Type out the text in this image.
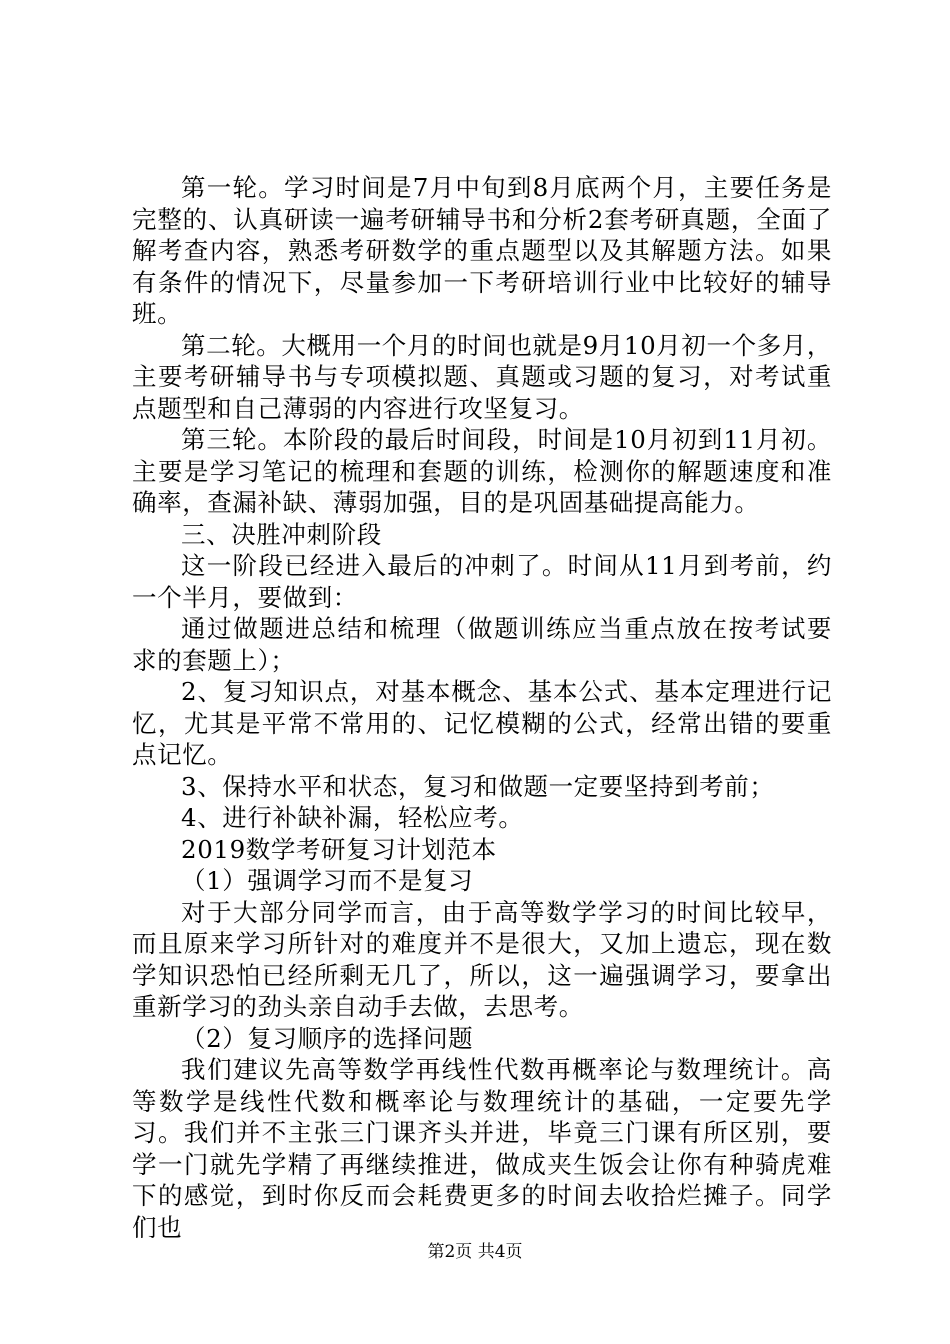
第一轮。学习时间是7月中旬到8月底两个月，主要任务是完整的、认真研读一遍考研辅导书和分析2套考研真题，全面了解考查内容，熟悉考研数学的重点题型以及其解题方法。如果有条件的情况下，尽量参加一下考研培训行业中比较好的辅导班。

第二轮。大概用一个月的时间也就是9月10月初一个多月，主要考研辅导书与专项模拟题、真题或习题的复习，对考试重点题型和自己薄弱的内容进行攻坚复习。

第三轮。本阶段的最后时间段，时间是10月初到11月初。主要是学习笔记的梳理和套题的训练，检测你的解题速度和准确率，查漏补缺、薄弱加强，目的是巩固基础提高能力。

三、决胜冲刺阶段

这一阶段已经进入最后的冲刺了。时间从11月到考前，约一个半月，要做到：

通过做题进总结和梳理（做题训练应当重点放在按考试要求的套题上）；

2、复习知识点，对基本概念、基本公式、基本定理进行记忆，尤其是平常不常用的、记忆模糊的公式，经常出错的要重点记忆。

3、保持水平和状态，复习和做题一定要坚持到考前；

4、进行补缺补漏，轻松应考。

2019数学考研复习计划范本

（1）强调学习而不是复习

对于大部分同学而言，由于高等数学学习的时间比较早，而且原来学习所针对的难度并不是很大，又加上遗忘，现在数学知识恐怕已经所剩无几了，所以，这一遍强调学习，要拿出重新学习的劲头亲自动手去做，去思考。

（2）复习顺序的选择问题

我们建议先高等数学再线性代数再概率论与数理统计。高等数学是线性代数和概率论与数理统计的基础，一定要先学习。我们并不主张三门课齐头并进，毕竟三门课有所区别，要学一门就先学精了再继续推进，做成夹生饭会让你有种骑虎难下的感觉，到时你反而会耗费更多的时间去收拾烂摊子。同学们也

第2页 共4页
